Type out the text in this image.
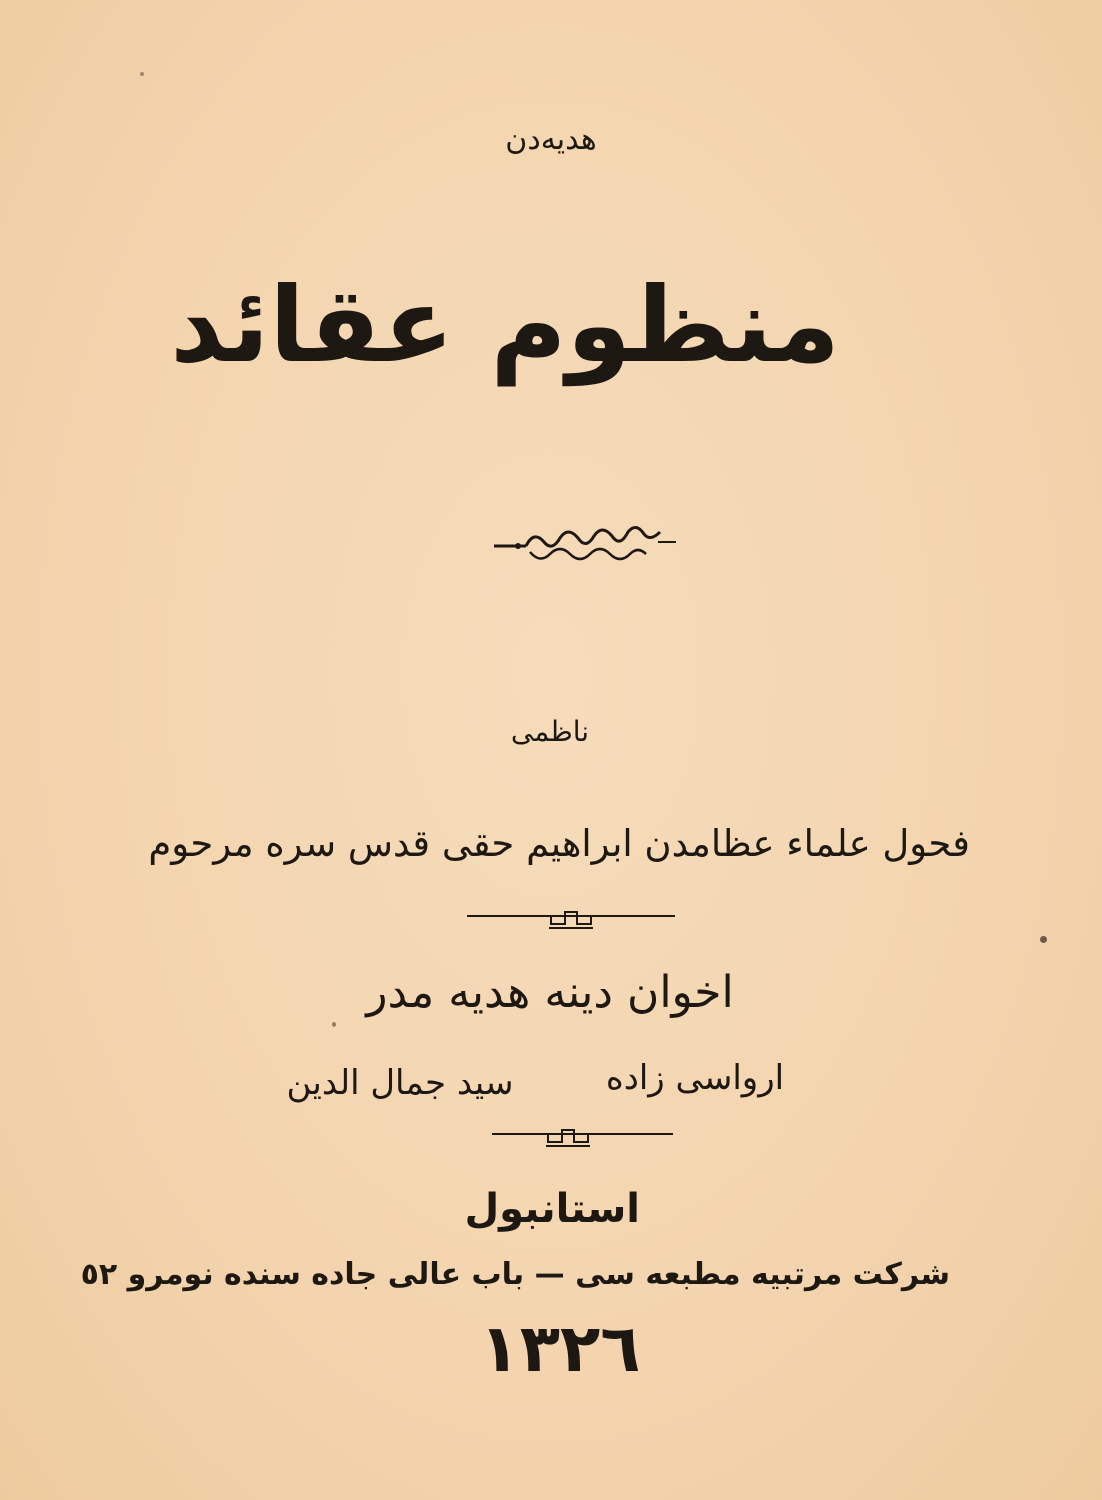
هدیه‌دن
منظوم عقائد
ناظمی
فحول علماء عظامدن ابراهیم حقی قدس سره مرحوم
اخوان دینه هدیه مدر
ارواسی زاده
سید جمال الدین
استانبول
شرکت مرتبیه مطبعه سی — باب عالی جاده سنده نومرو ٥٢
١٣٢٦
